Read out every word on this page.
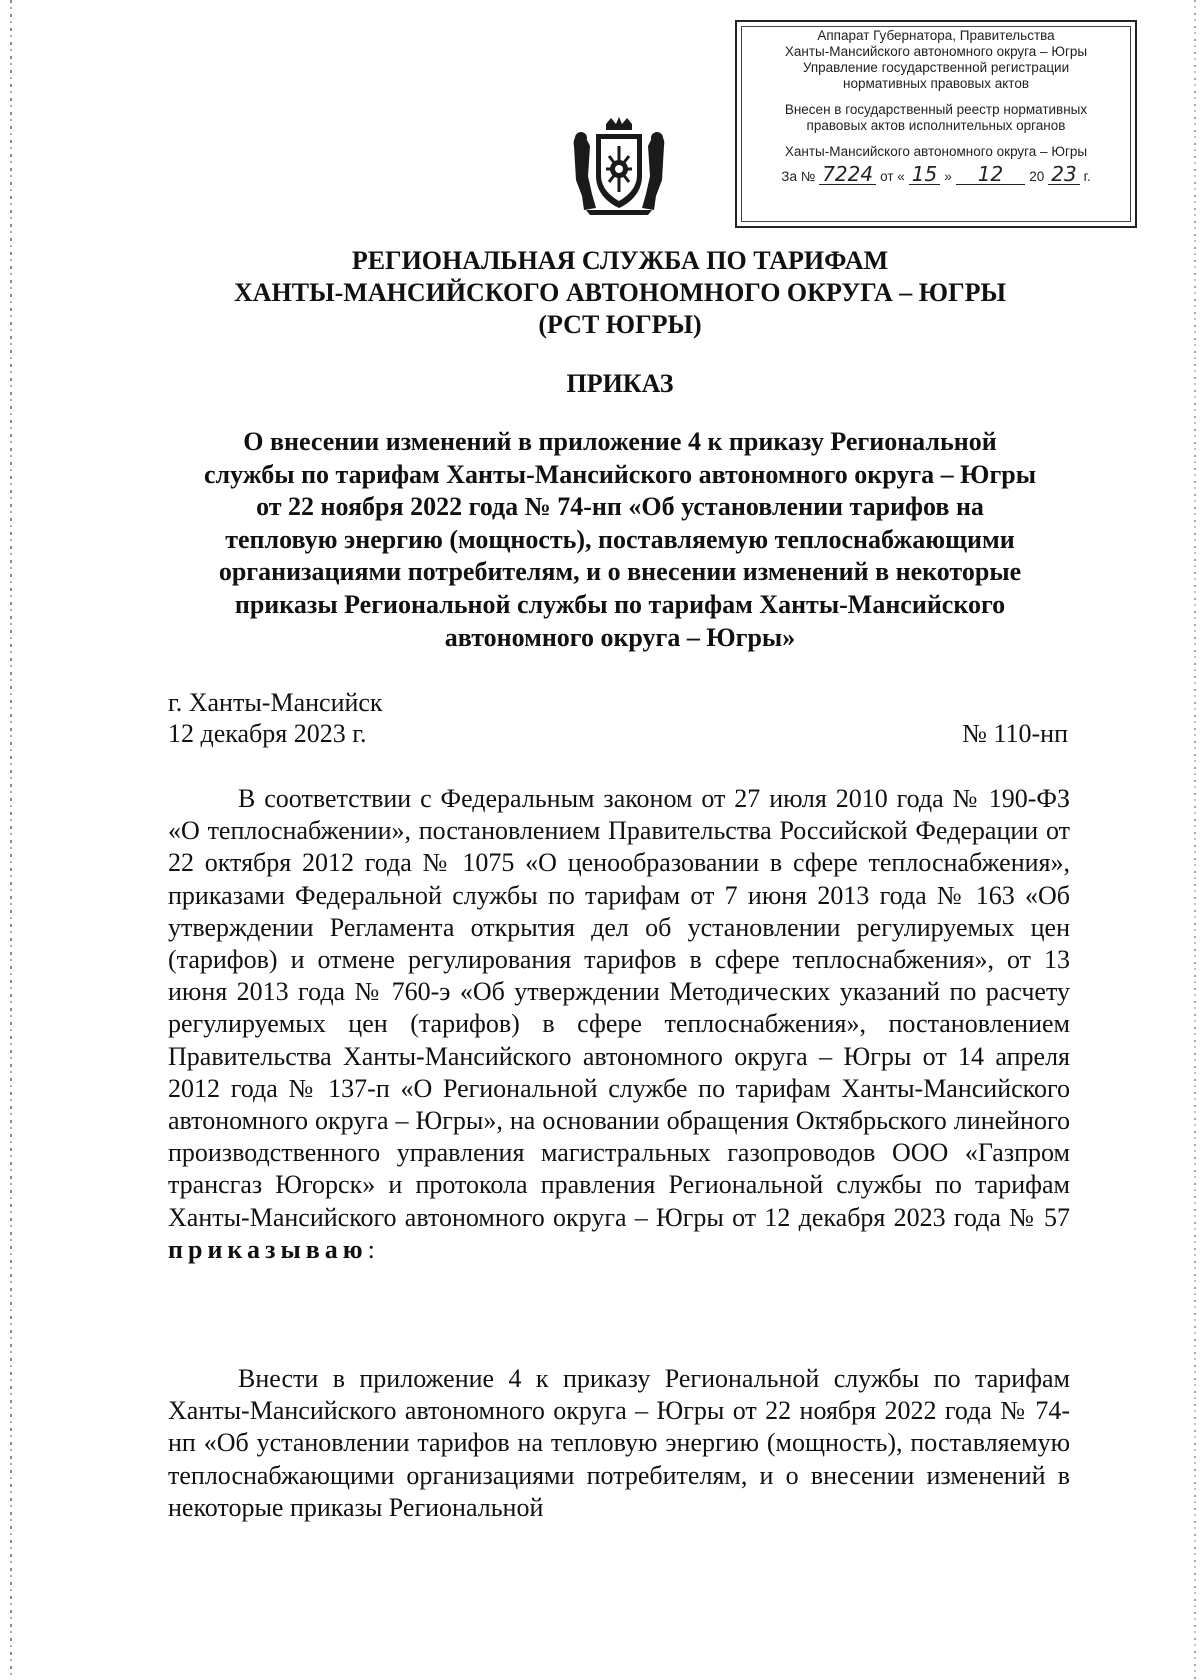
Аппарат Губернатора, Правительства
Ханты-Мансийского автономного округа – Югры
Управление государственной регистрации
нормативных правовых актов
Внесен в государственный реестр нормативных
правовых актов исполнительных органов
Ханты-Мансийского автономного округа – Югры
За № 7224 от « 15 »	12	20 23 г.
РЕГИОНАЛЬНАЯ СЛУЖБА ПО ТАРИФАМ
ХАНТЫ-МАНСИЙСКОГО АВТОНОМНОГО ОКРУГА – ЮГРЫ
(РСТ ЮГРЫ)
ПРИКАЗ
О внесении изменений в приложение 4 к приказу Региональной
службы по тарифам Ханты-Мансийского автономного округа – Югры
от 22 ноября 2022 года № 74-нп «Об установлении тарифов на
тепловую энергию (мощность), поставляемую теплоснабжающими
организациями потребителям, и о внесении изменений в некоторые
приказы Региональной службы по тарифам Ханты-Мансийского
автономного округа – Югры»
г. Ханты-Мансийск
12 декабря 2023 г.	№ 110-нп
В соответствии с Федеральным законом от 27 июля 2010 года № 190-ФЗ «О теплоснабжении», постановлением Правительства Российской Федерации от 22 октября 2012 года № 1075 «О ценообразовании в сфере теплоснабжения», приказами Федеральной службы по тарифам от 7 июня 2013 года № 163 «Об утверждении Регламента открытия дел об установлении регулируемых цен (тарифов) и отмене регулирования тарифов в сфере теплоснабжения», от 13 июня 2013 года № 760-э «Об утверждении Методических указаний по расчету регулируемых цен (тарифов) в сфере теплоснабжения», постановлением Правительства Ханты-Мансийского автономного округа – Югры от 14 апреля 2012 года № 137-п «О Региональной службе по тарифам Ханты-Мансийского автономного округа – Югры», на основании обращения Октябрьского линейного производственного управления магистральных газопроводов ООО «Газпром трансгаз Югорск» и протокола правления Региональной службы по тарифам Ханты-Мансийского автономного округа – Югры от 12 декабря 2023 года № 57 приказываю:
Внести в приложение 4 к приказу Региональной службы по тарифам Ханты-Мансийского автономного округа – Югры от 22 ноября 2022 года № 74-нп «Об установлении тарифов на тепловую энергию (мощность), поставляемую теплоснабжающими организациями потребителям, и о внесении изменений в некоторые приказы Региональной
